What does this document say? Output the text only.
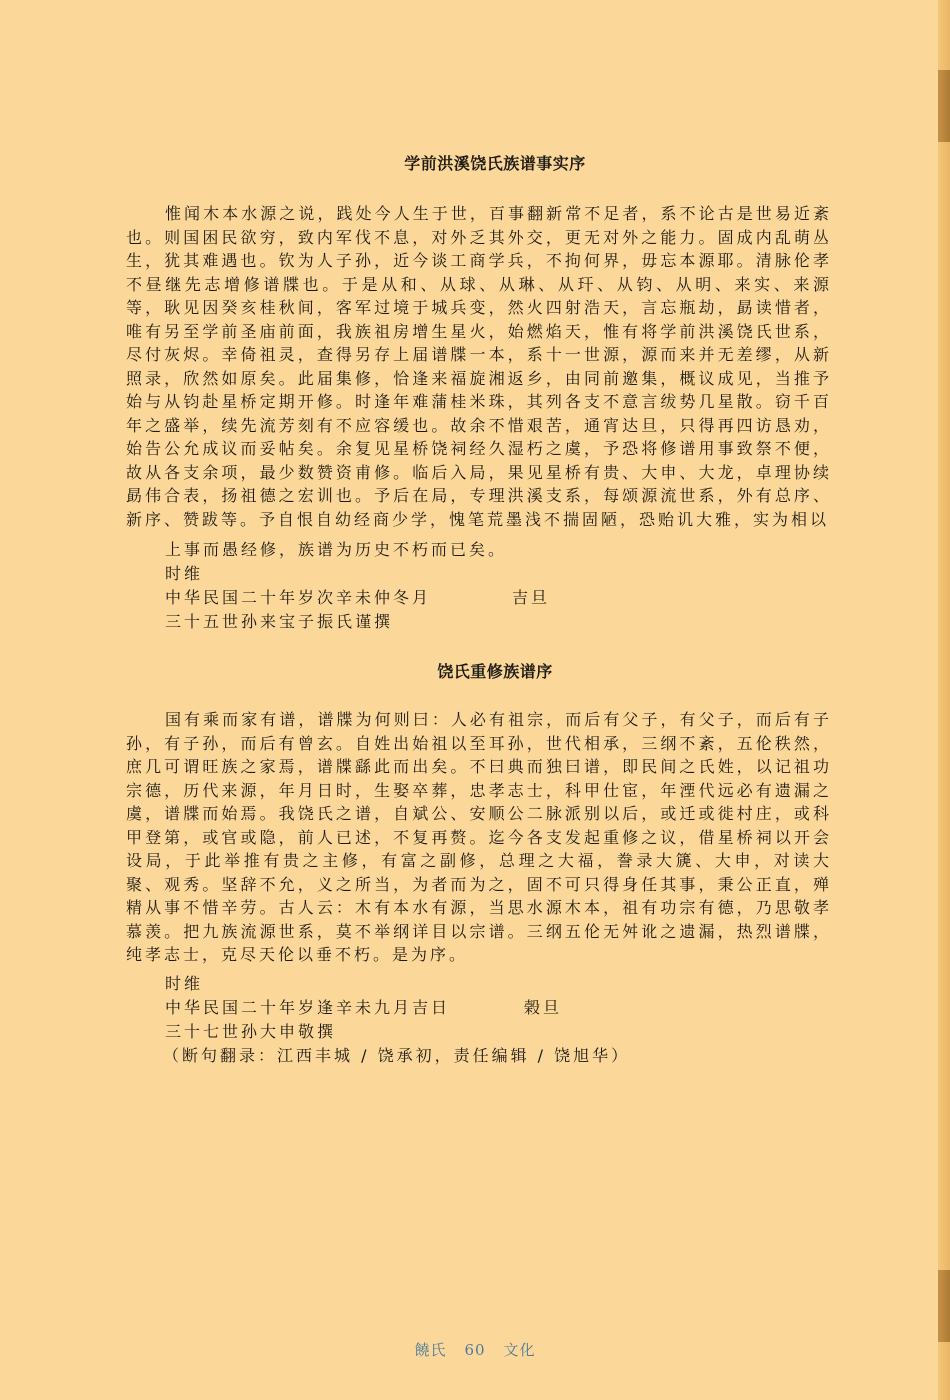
学前洪溪饶氏族谱事实序

惟闻木本水源之说，践处今人生于世，百事翻新常不足者，系不论古是世易近紊也。则国困民欲穷，致内军伐不息，对外乏其外交，更无对外之能力。固成内乱萌丛生，犹其难遇也。钦为人子孙，近今谈工商学兵，不拘何界，毋忘本源耶。清脉伦孝不昼继先志增修谱牒也。于是从和、从球、从琳、从玕、从钧、从明、来实、来源等，耿见因癸亥桂秋间，客军过境于城兵变，然火四射浩天，言忘瓶劫，勗读惜者，唯有另至学前圣庙前面，我族祖房增生星火，始燃焰天，惟有将学前洪溪饶氏世系，尽付灰烬。幸倚祖灵，查得另存上届谱牒一本，系十一世源，源而来并无差缪，从新照录，欣然如原矣。此届集修，恰逢来福旋湘返乡，由同前邀集，概议成见，当推予始与从钧赴星桥定期开修。时逢年难蒲桂米珠，其列各支不意言绂势几星散。窃千百年之盛举，续先流芳刻有不应容缓也。故余不惜艰苦，通宵达旦，只得再四访恳劝，始告公允成议而妥帖矣。余复见星桥饶祠经久湿朽之虞，予恐将修谱用事致祭不便，故从各支余项，最少数赞资甫修。临后入局，果见星桥有贵、大申、大龙，卓理协续勗伟合表，扬祖德之宏训也。予后在局，专理洪溪支系，每颂源流世系，外有总序、新序、赞跋等。予自恨自幼经商少学，愧笔荒墨浅不揣固陋，恐贻讥大雅，实为相以

上事而愚经修，族谱为历史不朽而已矣。
时维
中华民国二十年岁次辛未仲冬月	吉旦
三十五世孙来宝子振氏谨撰
饶氏重修族谱序

国有乘而家有谱，谱牒为何则曰：人必有祖宗，而后有父子，有父子，而后有子孙，有子孙，而后有曾玄。自姓出始祖以至耳孙，世代相承，三纲不紊，五伦秩然，庶几可谓旺族之家焉，谱牒繇此而出矣。不曰典而独曰谱，即民间之氏姓，以记祖功宗德，历代来源，年月日时，生娶卒葬，忠孝志士，科甲仕宦，年湮代远必有遗漏之虞，谱牒而始焉。我饶氏之谱，自斌公、安顺公二脉派别以后，或迁或徙村庄，或科甲登第，或官或隐，前人已述，不复再赘。迄今各支发起重修之议，借星桥祠以开会设局，于此举推有贵之主修，有富之副修，总理之大福，誊录大篪、大申，对读大聚、观秀。坚辞不允，义之所当，为者而为之，固不可只得身任其事，秉公正直，殚精从事不惜辛劳。古人云：木有本水有源，当思水源木本，祖有功宗有德，乃思敬孝慕羡。把九族流源世系，莫不举纲详目以宗谱。三纲五伦无舛讹之遗漏，热烈谱牒，纯孝志士，克尽天伦以垂不朽。是为序。

时维
中华民国二十年岁逢辛未九月吉日	榖旦
三十七世孙大申敬撰
（断句翻录：江西丰城 / 饶承初，责任编辑 / 饶旭华）
饒氏 60 文化
